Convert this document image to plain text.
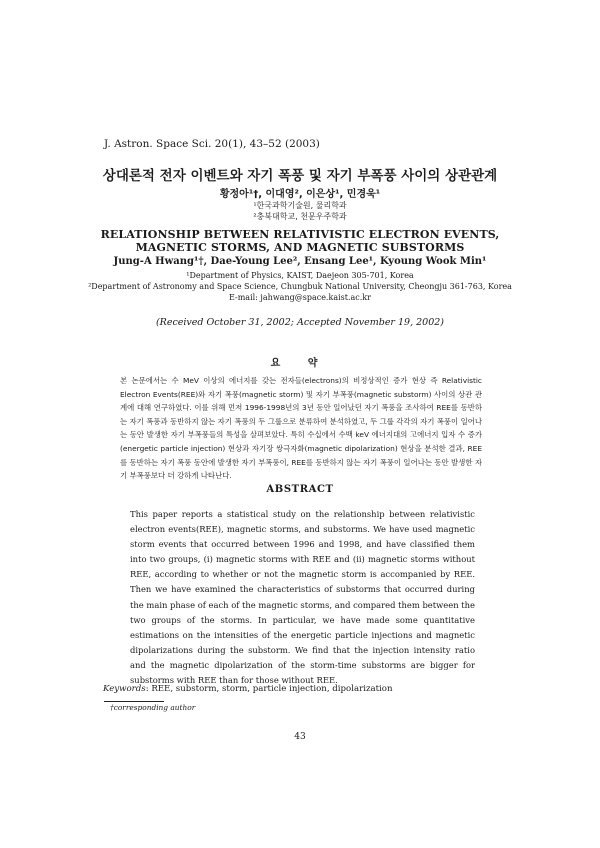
J. Astron. Space Sci. 20(1), 43–52 (2003)
상대론적 전자 이벤트와 자기 폭풍 및 자기 부폭풍 사이의 상관관계
황정아¹†, 이대영², 이은상¹, 민경욱¹
¹한국과학기술원, 물리학과
²충북대학교, 천문우주학과
RELATIONSHIP BETWEEN RELATIVISTIC ELECTRON EVENTS,
MAGNETIC STORMS, AND MAGNETIC SUBSTORMS
Jung-A Hwang¹†, Dae-Young Lee², Ensang Lee¹, Kyoung Wook Min¹
¹Department of Physics, KAIST, Daejeon 305-701, Korea
²Department of Astronomy and Space Science, Chungbuk National University, Cheongju 361-763, Korea
E-mail: jahwang@space.kaist.ac.kr
(Received October 31, 2002; Accepted November 19, 2002)
요 약
본 논문에서는 수 MeV 이상의 에너지를 갖는 전자들(electrons)의 비정상적인 증가 현상 즉 Relativistic Electron Events(REE)와 자기 폭풍(magnetic storm) 및 자기 부폭풍(magnetic substorm) 사이의 상관 관계에 대해 연구하였다. 이를 위해 먼저 1996-1998년의 3년 동안 일어났던 자기 폭풍을 조사하여 REE를 동반하는 자기 폭풍과 동반하지 않는 자기 폭풍의 두 그룹으로 분류하여 분석하였고, 두 그룹 각각의 자기 폭풍이 일어나는 동안 발생한 자기 부폭풍들의 특성을 살펴보았다. 특히 수십에서 수백 keV 에너지대의 고에너지 입자 수 증가(energetic particle injection) 현상과 자기장 쌍극자화(magnetic dipolarization) 현상을 분석한 결과, REE를 동반하는 자기 폭풍 동안에 발생한 자기 부폭풍이, REE를 동반하지 않는 자기 폭풍이 일어나는 동안 발생한 자기 부폭풍보다 더 강하게 나타난다.
ABSTRACT
This paper reports a statistical study on the relationship between relativistic electron events(REE), magnetic storms, and substorms. We have used magnetic storm events that occurred between 1996 and 1998, and have classified them into two groups, (i) magnetic storms with REE and (ii) magnetic storms without REE, according to whether or not the magnetic storm is accompanied by REE. Then we have examined the characteristics of substorms that occurred during the main phase of each of the magnetic storms, and compared them between the two groups of the storms. In particular, we have made some quantitative estimations on the intensities of the energetic particle injections and magnetic dipolarizations during the substorm. We find that the injection intensity ratio and the magnetic dipolarization of the storm-time substorms are bigger for substorms with REE than for those without REE.
Keywords: REE, substorm, storm, particle injection, dipolarization
†corresponding author
43
